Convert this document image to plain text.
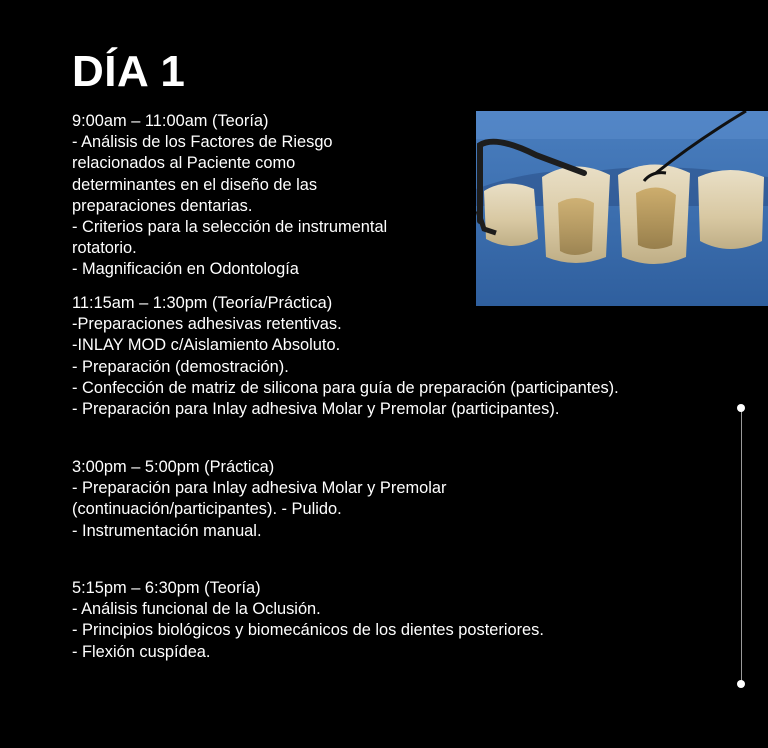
DÍA 1
9:00am – 11:00am (Teoría)
- Análisis de los Factores de Riesgo
relacionados al Paciente como
determinantes en el diseño de las
preparaciones dentarias.
- Criterios para la selección de instrumental
rotatorio.
- Magnificación en Odontología
11:15am – 1:30pm (Teoría/Práctica)
-Preparaciones adhesivas retentivas.
-INLAY MOD c/Aislamiento Absoluto.
- Preparación (demostración).
- Confección de matriz de silicona para guía de preparación (participantes).
- Preparación para Inlay adhesiva Molar y Premolar (participantes).
3:00pm – 5:00pm (Práctica)
- Preparación para Inlay adhesiva Molar y Premolar
(continuación/participantes). - Pulido.
- Instrumentación manual.
5:15pm – 6:30pm (Teoría)
- Análisis funcional de la Oclusión.
- Principios biológicos y biomecánicos de los dientes posteriores.
- Flexión cuspídea.
